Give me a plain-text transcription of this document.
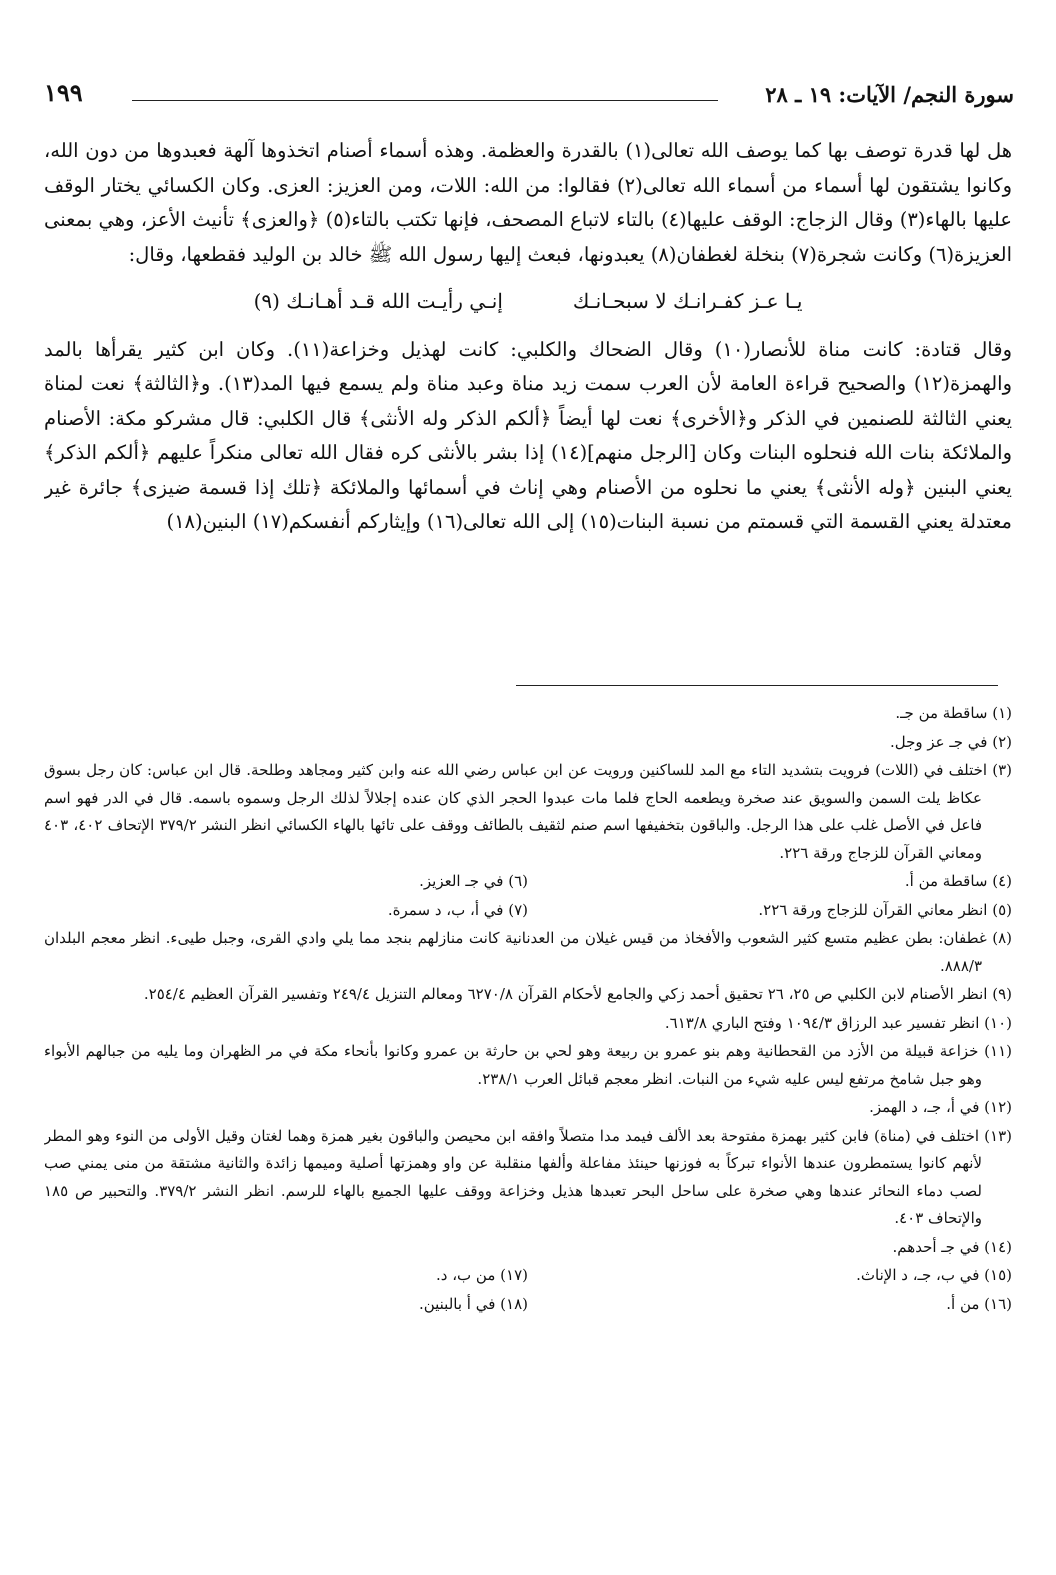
سورة النجم/ الآيات: ١٩ ـ ٢٨
١٩٩

هل لها قدرة توصف بها كما يوصف الله تعالى(١) بالقدرة والعظمة. وهذه أسماء أصنام اتخذوها آلهة فعبدوها من دون الله، وكانوا يشتقون لها أسماء من أسماء الله تعالى(٢) فقالوا: من الله: اللات، ومن العزيز: العزى. وكان الكسائي يختار الوقف عليها بالهاء(٣) وقال الزجاج: الوقف عليها(٤) بالتاء لاتباع المصحف، فإنها تكتب بالتاء(٥) ﴿والعزى﴾ تأنيث الأعز، وهي بمعنى العزيزة(٦) وكانت شجرة(٧) بنخلة لغطفان(٨) يعبدونها، فبعث إليها رسول الله ﷺ خالد بن الوليد فقطعها، وقال:

يـا عـز كفـرانـك لا سبحـانـك
إنـي رأيـت الله قـد أهـانـك (٩)

وقال قتادة: كانت مناة للأنصار(١٠) وقال الضحاك والكلبي: كانت لهذيل وخزاعة(١١). وكان ابن كثير يقرأها بالمد والهمزة(١٢) والصحيح قراءة العامة لأن العرب سمت زيد مناة وعبد مناة ولم يسمع فيها المد(١٣). و﴿الثالثة﴾ نعت لمناة يعني الثالثة للصنمين في الذكر و﴿الأخرى﴾ نعت لها أيضاً ﴿ألكم الذكر وله الأنثى﴾ قال الكلبي: قال مشركو مكة: الأصنام والملائكة بنات الله فنحلوه البنات وكان [الرجل منهم](١٤) إذا بشر بالأنثى كره فقال الله تعالى منكراً عليهم ﴿ألكم الذكر﴾ يعني البنين ﴿وله الأنثى﴾ يعني ما نحلوه من الأصنام وهي إناث في أسمائها والملائكة ﴿تلك إذا قسمة ضيزى﴾ جائرة غير معتدلة يعني القسمة التي قسمتم من نسبة البنات(١٥) إلى الله تعالى(١٦) وإيثاركم أنفسكم(١٧) البنين(١٨)

(١) ساقطة من جـ.

(٢) في جـ عز وجل.

(٣) اختلف في (اللات) فرويت بتشديد التاء مع المد للساكنين ورويت عن ابن عباس رضي الله عنه وابن كثير ومجاهد وطلحة. قال ابن عباس: كان رجل بسوق عكاظ يلت السمن والسويق عند صخرة ويطعمه الحاج فلما مات عبدوا الحجر الذي كان عنده إجلالاً لذلك الرجل وسموه باسمه. قال في الدر فهو اسم فاعل في الأصل غلب على هذا الرجل. والباقون بتخفيفها اسم صنم لثقيف بالطائف ووقف على تائها بالهاء الكسائي انظر النشر ٣٧٩/٢ الإتحاف ٤٠٢، ٤٠٣ ومعاني القرآن للزجاج ورقة ٢٢٦.

(٤) ساقطة من أ.
(٦) في جـ العزيز.
(٥) انظر معاني القرآن للزجاج ورقة ٢٢٦.
(٧) في أ، ب، د سمرة.

(٨) غطفان: بطن عظيم متسع كثير الشعوب والأفخاذ من قيس غيلان من العدنانية كانت منازلهم بنجد مما يلي وادي القرى، وجبل طيىء. انظر معجم البلدان ٨٨٨/٣.

(٩) انظر الأصنام لابن الكلبي ص ٢٥، ٢٦ تحقيق أحمد زكي والجامع لأحكام القرآن ٦٢٧٠/٨ ومعالم التنزيل ٢٤٩/٤ وتفسير القرآن العظيم ٢٥٤/٤.

(١٠) انظر تفسير عبد الرزاق ١٠٩٤/٣ وفتح الباري ٦١٣/٨.

(١١) خزاعة قبيلة من الأزد من القحطانية وهم بنو عمرو بن ربيعة وهو لحي بن حارثة بن عمرو وكانوا بأنحاء مكة في مر الظهران وما يليه من جبالهم الأبواء وهو جبل شامخ مرتفع ليس عليه شيء من النبات. انظر معجم قبائل العرب ٢٣٨/١.

(١٢) في أ، جـ، د الهمز.

(١٣) اختلف في (مناة) فابن كثير بهمزة مفتوحة بعد الألف فيمد مدا متصلاً وافقه ابن محيصن والباقون بغير همزة وهما لغتان وقيل الأولى من النوء وهو المطر لأنهم كانوا يستمطرون عندها الأنواء تبركاً به فوزنها حينئذ مفاعلة وألفها منقلبة عن واو وهمزتها أصلية وميمها زائدة والثانية مشتقة من منى يمني صب لصب دماء النحائر عندها وهي صخرة على ساحل البحر تعبدها هذيل وخزاعة ووقف عليها الجميع بالهاء للرسم. انظر النشر ٣٧٩/٢. والتحبير ص ١٨٥ والإتحاف ٤٠٣.

(١٤) في جـ أحدهم.

(١٥) في ب، جـ، د الإناث.
(١٧) من ب، د.
(١٦) من أ.
(١٨) في أ بالبنين.
